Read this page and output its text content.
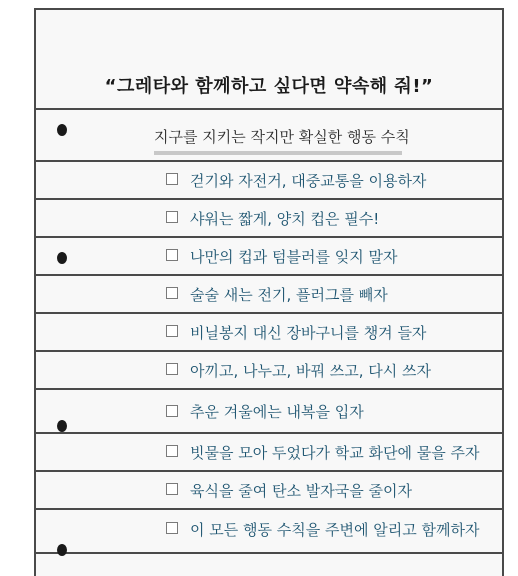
“그레타와 함께하고 싶다면 약속해 줘!”
지구를 지키는 작지만 확실한 행동 수칙
걷기와 자전거, 대중교통을 이용하자
샤워는 짧게, 양치 컵은 필수!
나만의 컵과 텀블러를 잊지 말자
술술 새는 전기, 플러그를 빼자
비닐봉지 대신 장바구니를 챙겨 들자
아끼고, 나누고, 바꿔 쓰고, 다시 쓰자
추운 겨울에는 내복을 입자
빗물을 모아 두었다가 학교 화단에 물을 주자
육식을 줄여 탄소 발자국을 줄이자
이 모든 행동 수칙을 주변에 알리고 함께하자
